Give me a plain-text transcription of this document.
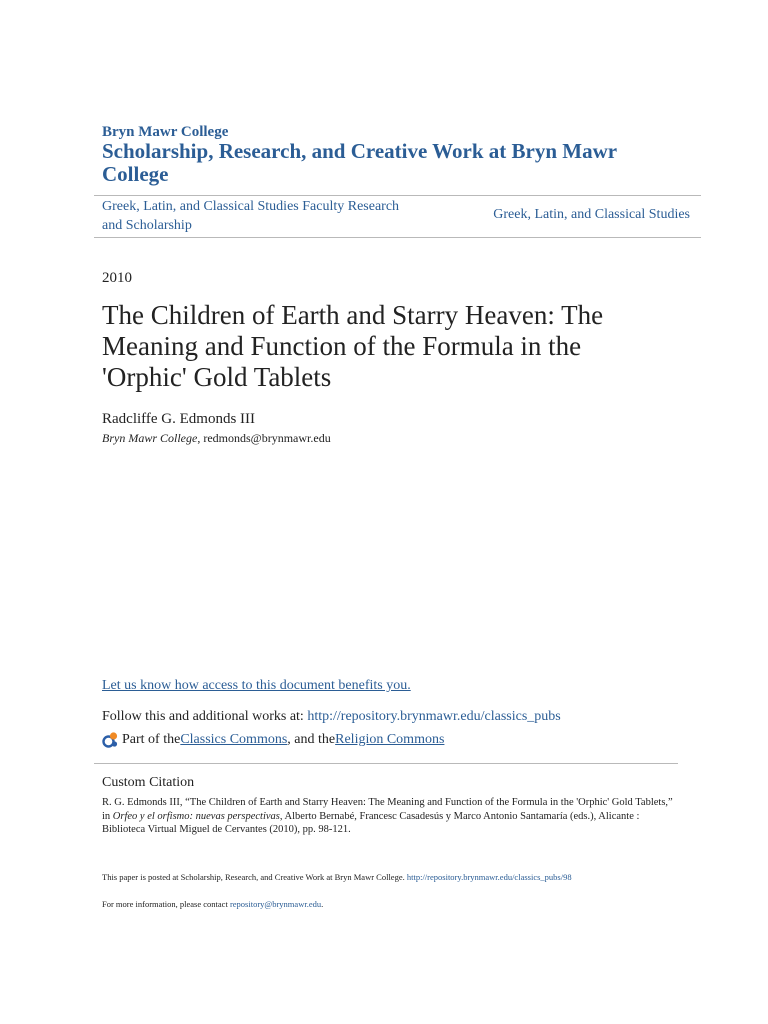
Bryn Mawr College
Scholarship, Research, and Creative Work at Bryn Mawr College
Greek, Latin, and Classical Studies Faculty Research and Scholarship
Greek, Latin, and Classical Studies
2010
The Children of Earth and Starry Heaven: The Meaning and Function of the Formula in the 'Orphic' Gold Tablets
Radcliffe G. Edmonds III
Bryn Mawr College, redmonds@brynmawr.edu
Let us know how access to this document benefits you.
Follow this and additional works at: http://repository.brynmawr.edu/classics_pubs
Part of the Classics Commons , and the Religion Commons
Custom Citation
R. G. Edmonds III, “The Children of Earth and Starry Heaven: The Meaning and Function of the Formula in the 'Orphic' Gold Tablets,” in Orfeo y el orfismo: nuevas perspectivas, Alberto Bernabé, Francesc Casadesús y Marco Antonio Santamaría (eds.), Alicante : Biblioteca Virtual Miguel de Cervantes (2010), pp. 98-121.
This paper is posted at Scholarship, Research, and Creative Work at Bryn Mawr College. http://repository.brynmawr.edu/classics_pubs/98
For more information, please contact repository@brynmawr.edu.
